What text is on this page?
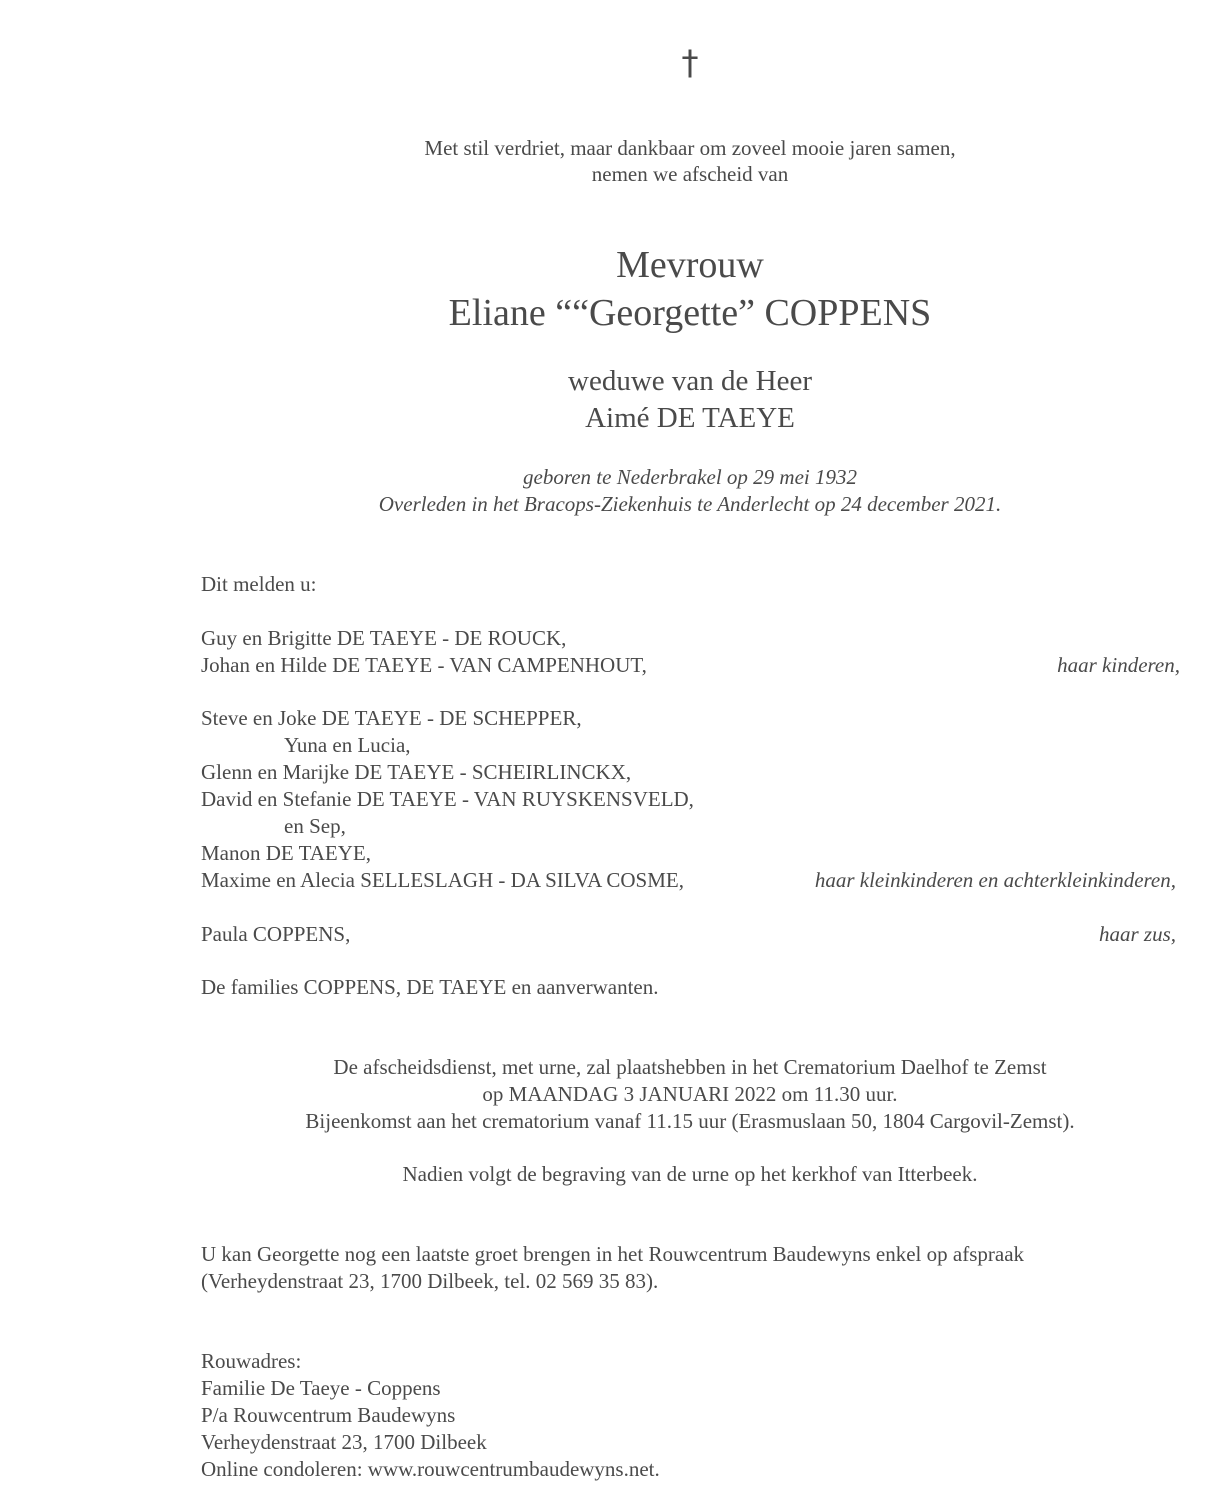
†
Met stil verdriet, maar dankbaar om zoveel mooie jaren samen,
nemen we afscheid van
Mevrouw
Eliane ““Georgette” COPPENS
weduwe van de Heer
Aimé DE TAEYE
geboren te Nederbrakel op 29 mei 1932
Overleden in het Bracops-Ziekenhuis te Anderlecht op 24 december 2021.
Dit melden u:
Guy en Brigitte DE TAEYE - DE ROUCK,
Johan en Hilde DE TAEYE - VAN CAMPENHOUT,	haar kinderen,
Steve en Joke DE TAEYE - DE SCHEPPER,
Yuna en Lucia,
Glenn en Marijke DE TAEYE - SCHEIRLINCKX,
David en Stefanie DE TAEYE - VAN RUYSKENSVELD,
en Sep,
Manon DE TAEYE,
Maxime en Alecia SELLESLAGH - DA SILVA COSME,	haar kleinkinderen en achterkleinkinderen,
Paula COPPENS,	haar zus,
De families COPPENS, DE TAEYE en aanverwanten.
De afscheidsdienst, met urne, zal plaatshebben in het Crematorium Daelhof te Zemst
op MAANDAG 3 JANUARI 2022 om 11.30 uur.
Bijeenkomst aan het crematorium vanaf 11.15 uur (Erasmuslaan 50, 1804 Cargovil-Zemst).
Nadien volgt de begraving van de urne op het kerkhof van Itterbeek.
U kan Georgette nog een laatste groet brengen in het Rouwcentrum Baudewyns enkel op afspraak
(Verheydenstraat 23, 1700 Dilbeek, tel. 02 569 35 83).
Rouwadres:
Familie De Taeye - Coppens
P/a Rouwcentrum Baudewyns
Verheydenstraat 23, 1700 Dilbeek
Online condoleren: www.rouwcentrumbaudewyns.net.
